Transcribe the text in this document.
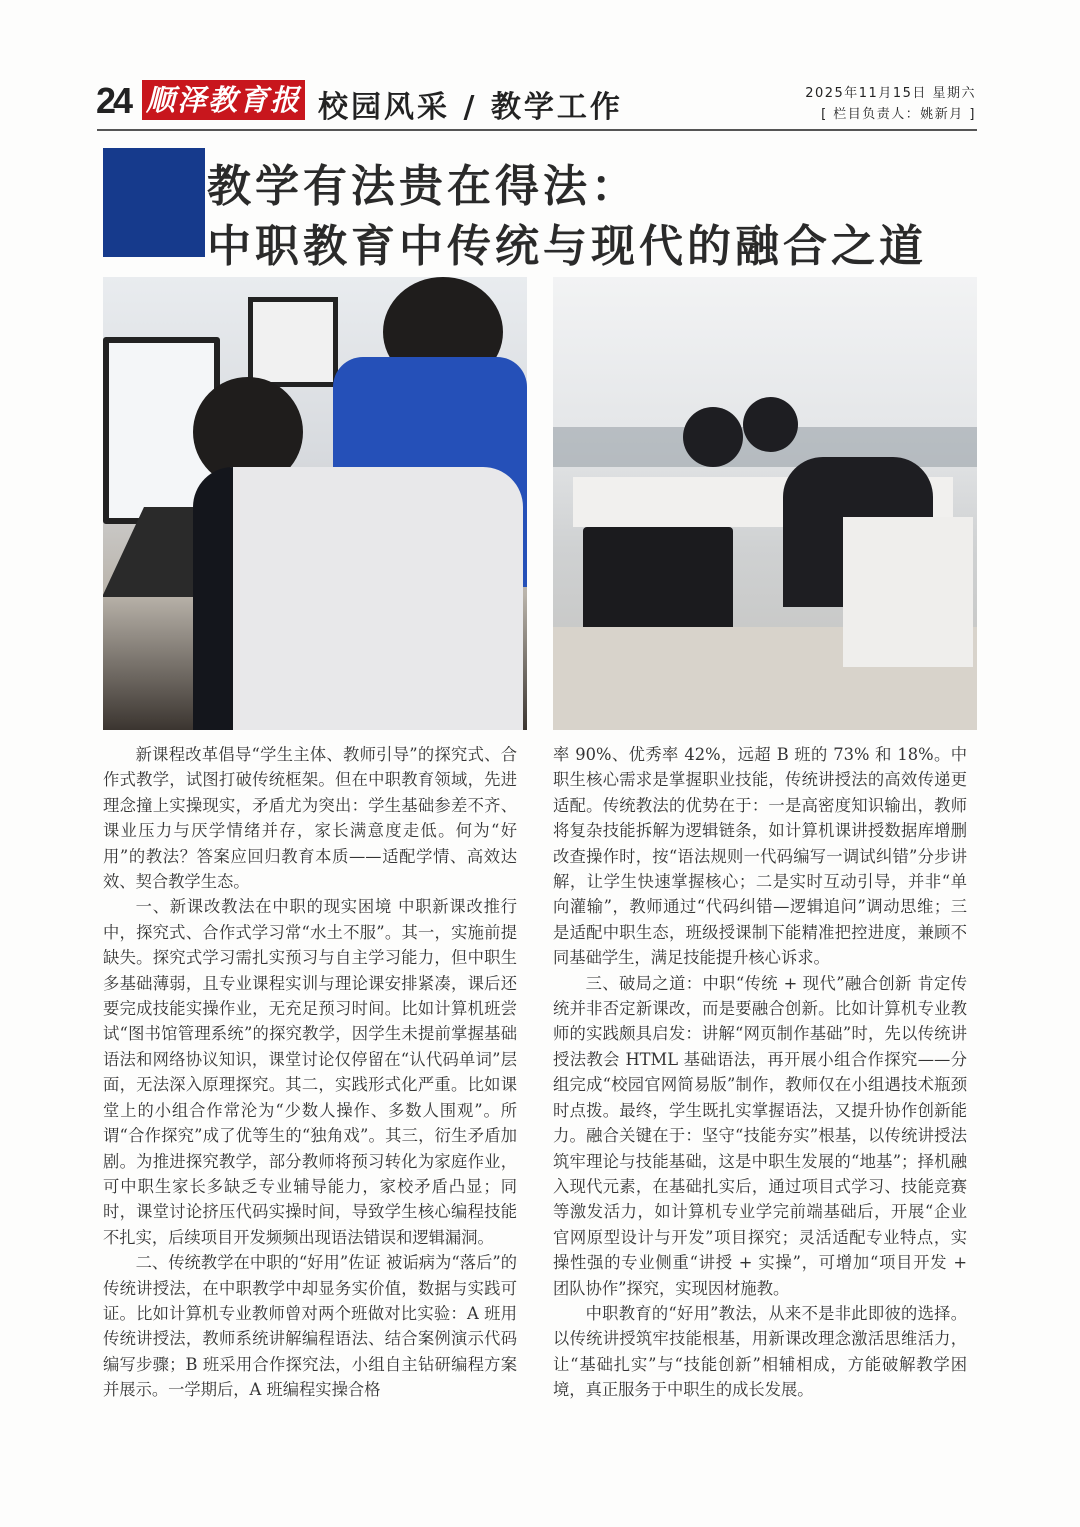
24 顺泽教育报 校园风采 / 教学工作	2025年11月15日 星期六
[ 栏目负责人：姚新月 ]
教学有法贵在得法：
中职教育中传统与现代的融合之道

新课程改革倡导“学生主体、教师引导”的探究式、合作式教学，试图打破传统框架。但在中职教育领域，先进理念撞上实操现实，矛盾尤为突出：学生基础参差不齐、课业压力与厌学情绪并存，家长满意度走低。何为“好用”的教法？答案应回归教育本质——适配学情、高效达效、契合教学生态。

一、新课改教法在中职的现实困境 中职新课改推行中，探究式、合作式学习常“水土不服”。其一，实施前提缺失。探究式学习需扎实预习与自主学习能力，但中职生多基础薄弱，且专业课程实训与理论课安排紧凑，课后还要完成技能实操作业，无充足预习时间。比如计算机班尝试“图书馆管理系统”的探究教学，因学生未提前掌握基础语法和网络协议知识，课堂讨论仅停留在“认代码单词”层面，无法深入原理探究。其二，实践形式化严重。比如课堂上的小组合作常沦为“少数人操作、多数人围观”。所谓“合作探究”成了优等生的“独角戏”。其三，衍生矛盾加剧。为推进探究教学，部分教师将预习转化为家庭作业，可中职生家长多缺乏专业辅导能力，家校矛盾凸显；同时，课堂讨论挤压代码实操时间，导致学生核心编程技能不扎实，后续项目开发频频出现语法错误和逻辑漏洞。

二、传统教学在中职的“好用”佐证 被诟病为“落后”的传统讲授法，在中职教学中却显务实价值，数据与实践可证。比如计算机专业教师曾对两个班做对比实验：A 班用传统讲授法，教师系统讲解编程语法、结合案例演示代码编写步骤；B 班采用合作探究法，小组自主钻研编程方案并展示。一学期后，A 班编程实操合格

率 90%、优秀率 42%，远超 B 班的 73% 和 18%。中职生核心需求是掌握职业技能，传统讲授法的高效传递更适配。传统教法的优势在于：一是高密度知识输出，教师将复杂技能拆解为逻辑链条，如计算机课讲授数据库增删改查操作时，按“语法规则一代码编写一调试纠错”分步讲解，让学生快速掌握核心；二是实时互动引导，并非“单向灌输”，教师通过“代码纠错—逻辑追问”调动思维；三是适配中职生态，班级授课制下能精准把控进度，兼顾不同基础学生，满足技能提升核心诉求。

三、破局之道：中职“传统 + 现代”融合创新 肯定传统并非否定新课改，而是要融合创新。比如计算机专业教师的实践颇具启发：讲解“网页制作基础”时，先以传统讲授法教会 HTML 基础语法，再开展小组合作探究——分组完成“校园官网简易版”制作，教师仅在小组遇技术瓶颈时点拨。最终，学生既扎实掌握语法，又提升协作创新能力。融合关键在于：坚守“技能夯实”根基，以传统讲授法筑牢理论与技能基础，这是中职生发展的“地基”；择机融入现代元素，在基础扎实后，通过项目式学习、技能竞赛等激发活力，如计算机专业学完前端基础后，开展“企业官网原型设计与开发”项目探究；灵活适配专业特点，实操性强的专业侧重“讲授 + 实操”，可增加“项目开发 + 团队协作”探究，实现因材施教。

中职教育的“好用”教法，从来不是非此即彼的选择。以传统讲授筑牢技能根基，用新课改理念激活思维活力，让“基础扎实”与“技能创新”相辅相成，方能破解教学困境，真正服务于中职生的成长发展。
